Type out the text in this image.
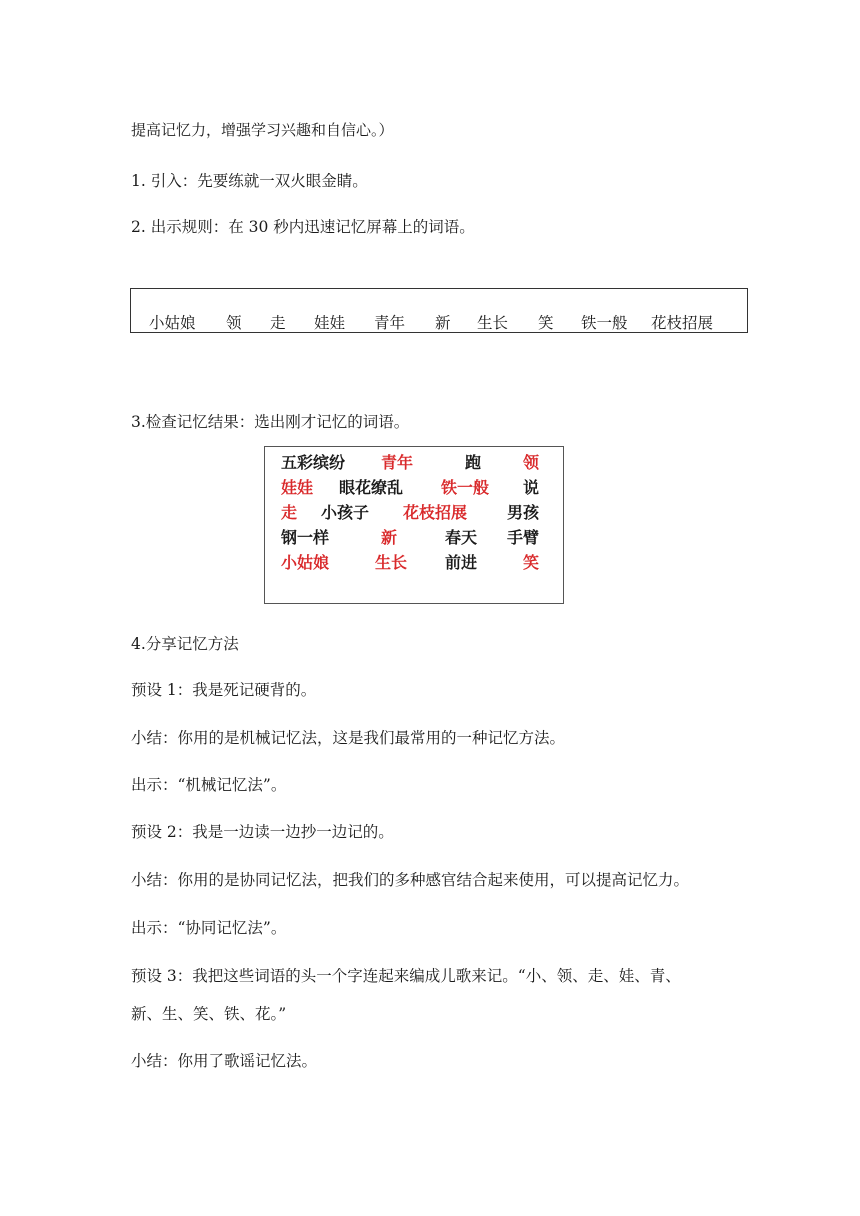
提高记忆力，增强学习兴趣和自信心。）
1. 引入：先要练就一双火眼金睛。
2. 出示规则：在 30 秒内迅速记忆屏幕上的词语。
小姑娘 领 走 娃娃 青年 新 生长 笑 铁一般 花枝招展
3.检查记忆结果：选出刚才记忆的词语。
五彩缤纷 青年	跑	领
娃娃 眼花缭乱 铁一般 说
走 小孩子 花枝招展 男孩
钢一样	新	春天 手臂
小姑娘	生长 前进	笑
4.分享记忆方法
预设 1：我是死记硬背的。
小结：你用的是机械记忆法，这是我们最常用的一种记忆方法。
出示：“机械记忆法”。
预设 2：我是一边读一边抄一边记的。
小结：你用的是协同记忆法，把我们的多种感官结合起来使用，可以提高记忆力。
出示：“协同记忆法”。
预设 3：我把这些词语的头一个字连起来编成儿歌来记。“小、领、走、娃、青、
新、生、笑、铁、花。”
小结：你用了歌谣记忆法。
